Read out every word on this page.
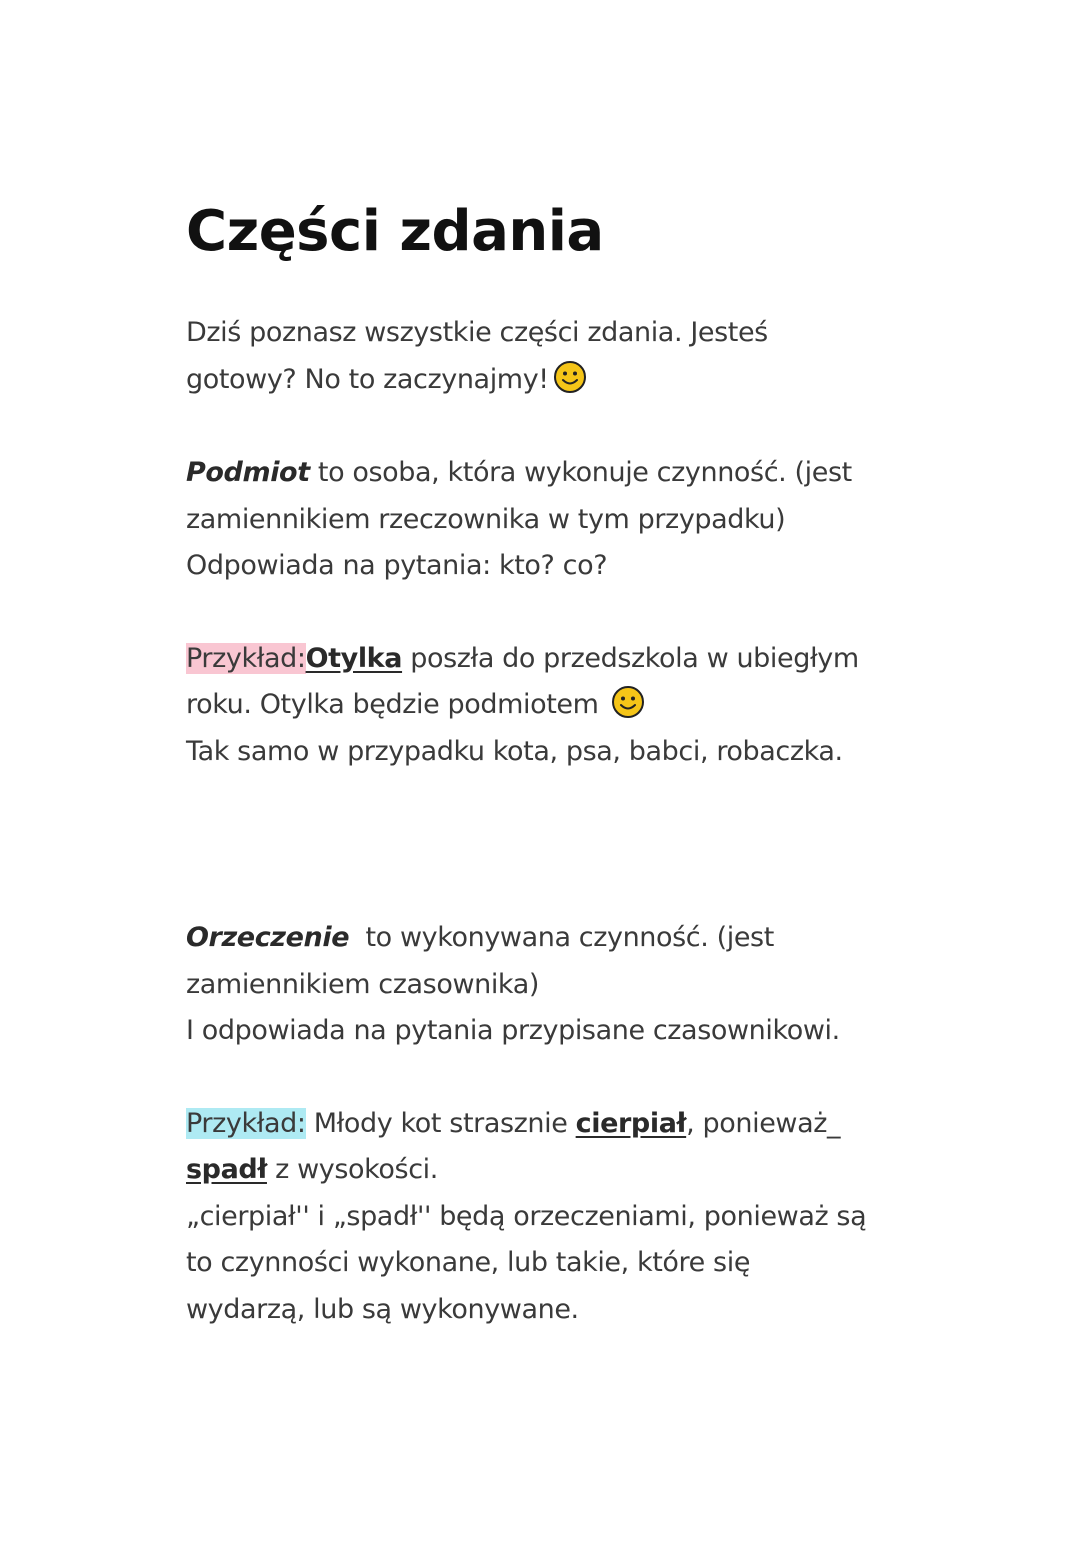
Części zdania

Dziś poznasz wszystkie części zdania. Jesteś
gotowy? No to zaczynajmy!

Podmiot to osoba, która wykonuje czynność. (jest
zamiennikiem rzeczownika w tym przypadku)
Odpowiada na pytania: kto? co?

Przykład:Otylka poszła do przedszkola w ubiegłym
roku. Otylka będzie podmiotem
Tak samo w przypadku kota, psa, babci, robaczka.

Orzeczenie  to wykonywana czynność. (jest
zamiennikiem czasownika)
I odpowiada na pytania przypisane czasownikowi.

Przykład: Młody kot strasznie cierpiał, ponieważ_
spadł z wysokości.
„cierpiał'' i „spadł'' będą orzeczeniami, ponieważ są
to czynności wykonane, lub takie, które się
wydarzą, lub są wykonywane.
